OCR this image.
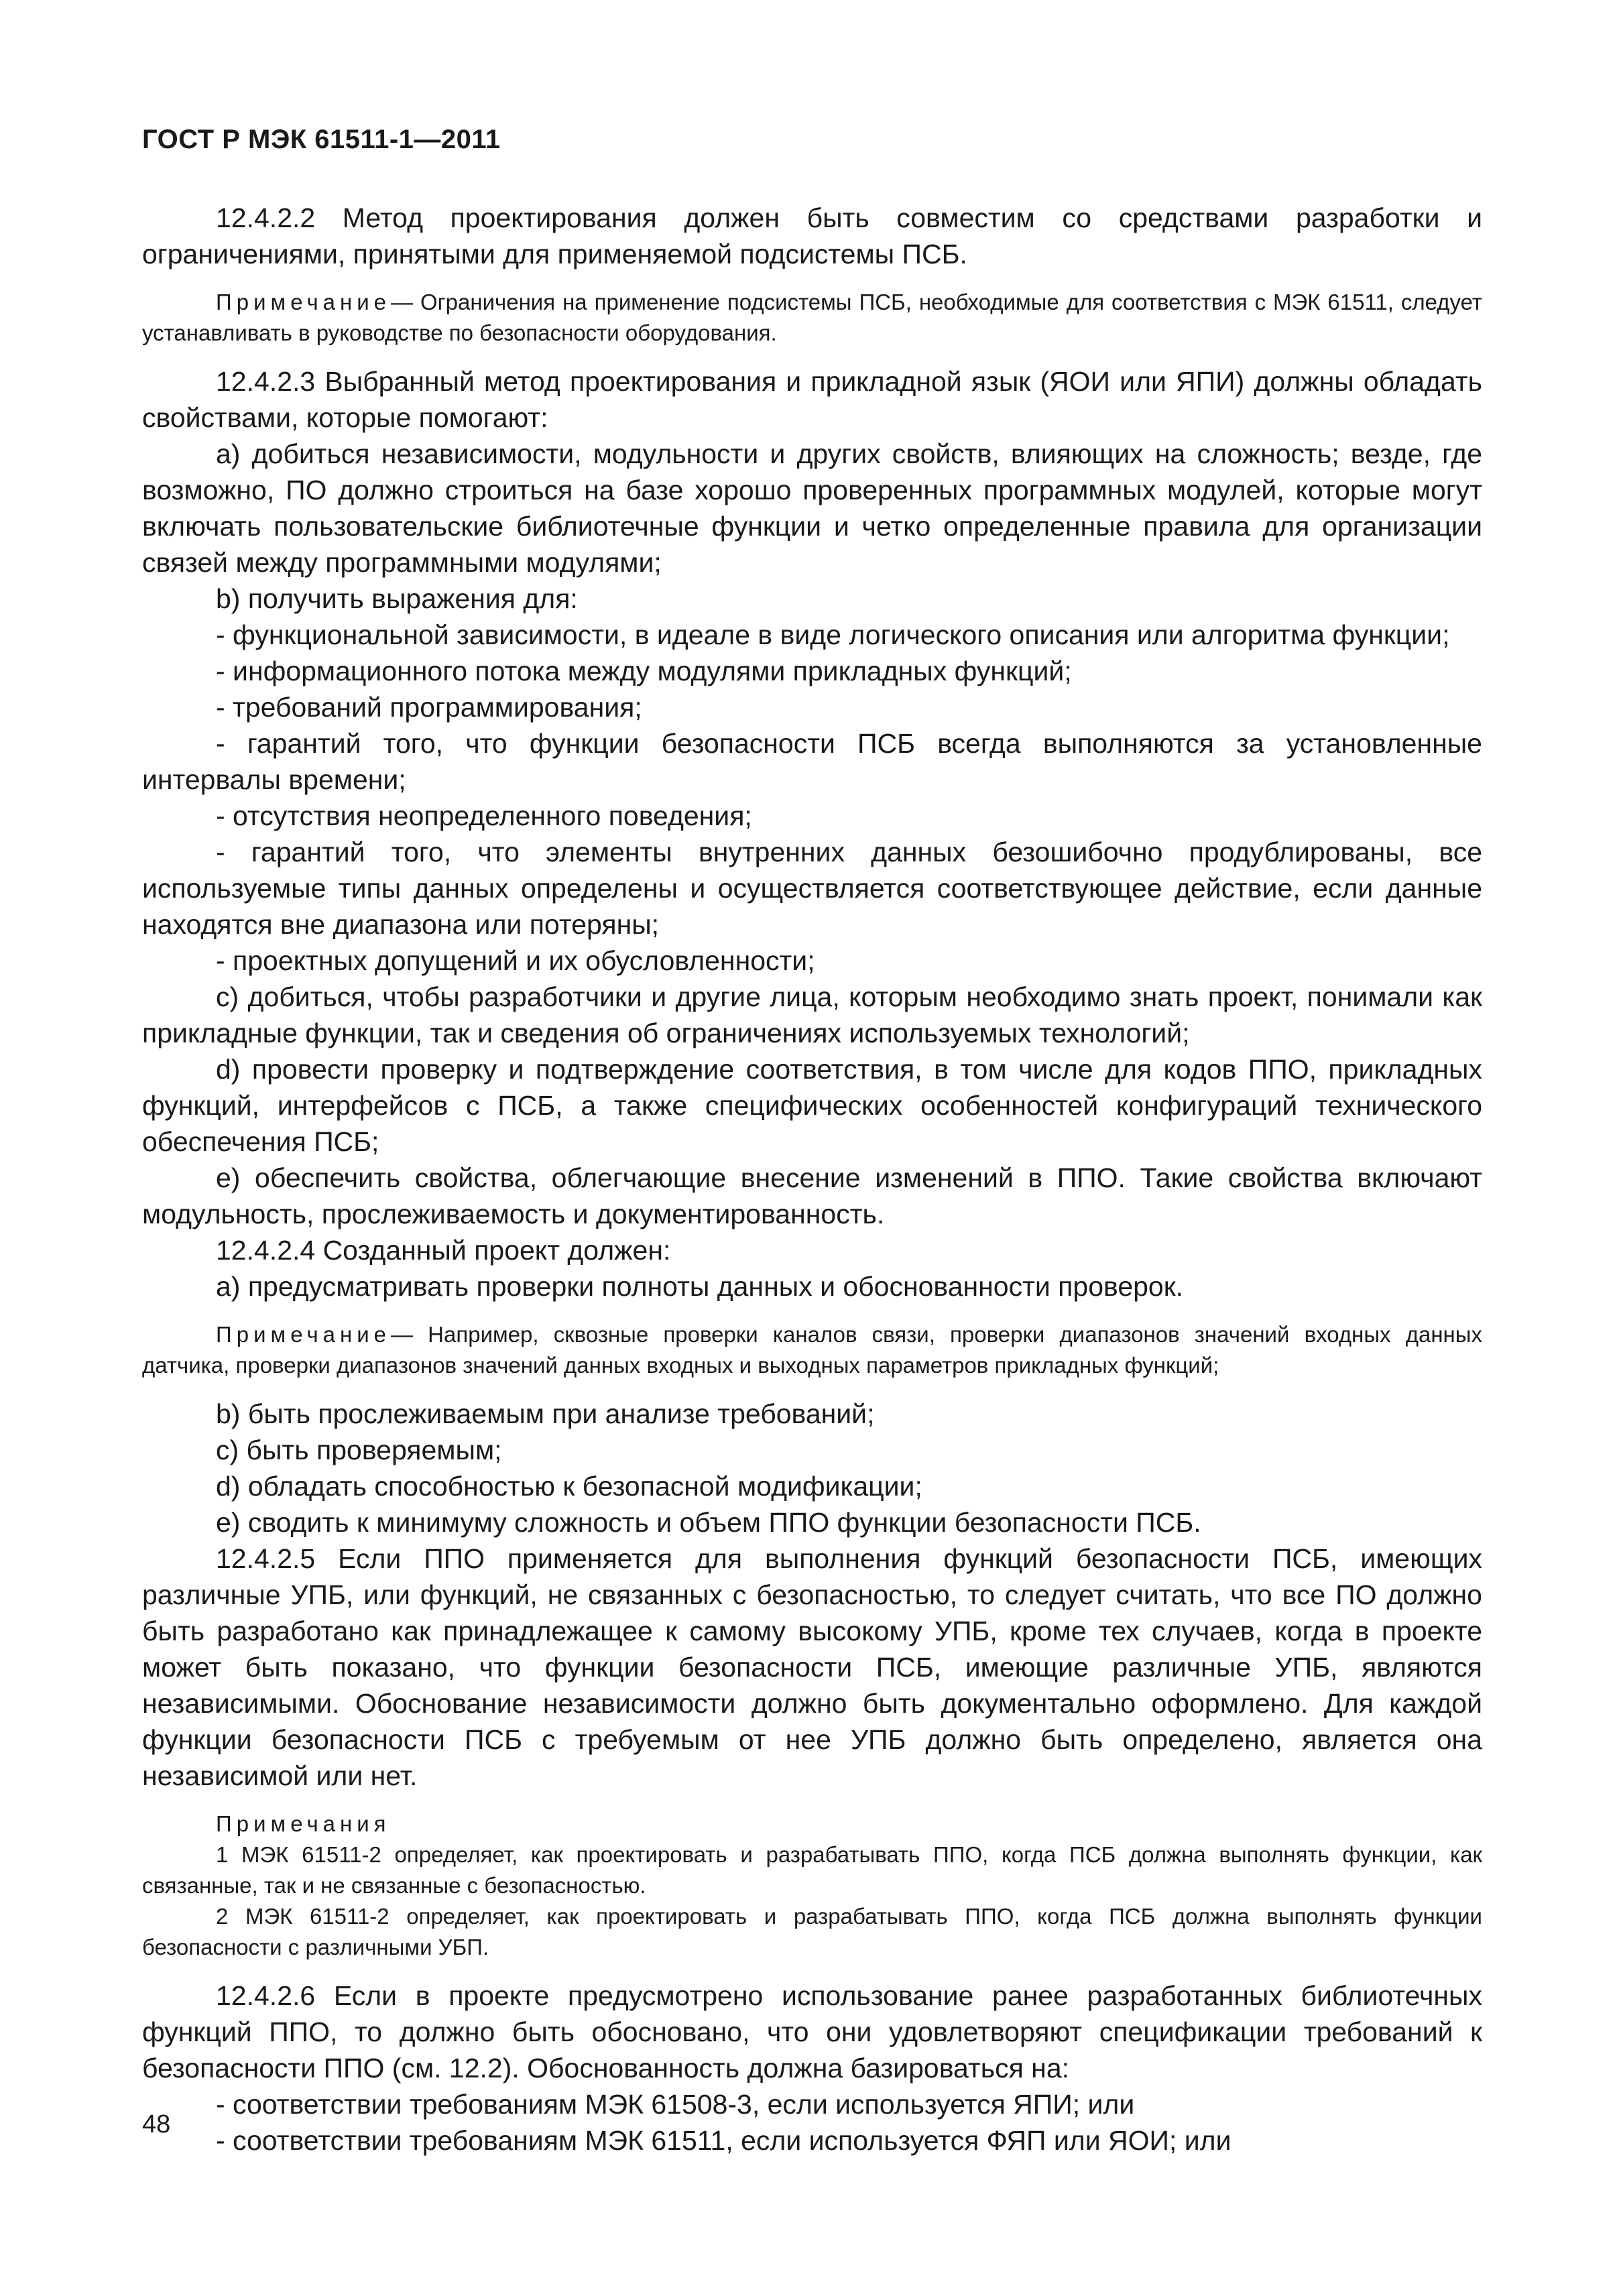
ГОСТ Р МЭК 61511-1—2011

12.4.2.2 Метод проектирования должен быть совместим со средствами разработки и ограничениями, принятыми для применяемой подсистемы ПСБ.

Примечание— Ограничения на применение подсистемы ПСБ, необходимые для соответствия с МЭК 61511, следует устанавливать в руководстве по безопасности оборудования.

12.4.2.3 Выбранный метод проектирования и прикладной язык (ЯОИ или ЯПИ) должны обладать свойствами, которые помогают:

a) добиться независимости, модульности и других свойств, влияющих на сложность; везде, где возможно, ПО должно строиться на базе хорошо проверенных программных модулей, которые могут включать пользовательские библиотечные функции и четко определенные правила для организации связей между программными модулями;

b) получить выражения для:

- функциональной зависимости, в идеале в виде логического описания или алгоритма функции;

- информационного потока между модулями прикладных функций;

- требований программирования;

- гарантий того, что функции безопасности ПСБ всегда выполняются за установленные интервалы времени;

- отсутствия неопределенного поведения;

- гарантий того, что элементы внутренних данных безошибочно продублированы, все используемые типы данных определены и осуществляется соответствующее действие, если данные находятся вне диапазона или потеряны;

- проектных допущений и их обусловленности;

c) добиться, чтобы разработчики и другие лица, которым необходимо знать проект, понимали как прикладные функции, так и сведения об ограничениях используемых технологий;

d) провести проверку и подтверждение соответствия, в том числе для кодов ППО, прикладных функций, интерфейсов с ПСБ, а также специфических особенностей конфигураций технического обеспечения ПСБ;

e) обеспечить свойства, облегчающие внесение изменений в ППО. Такие свойства включают модульность, прослеживаемость и документированность.

12.4.2.4 Созданный проект должен:

a) предусматривать проверки полноты данных и обоснованности проверок.

Примечание— Например, сквозные проверки каналов связи, проверки диапазонов значений входных данных датчика, проверки диапазонов значений данных входных и выходных параметров прикладных функций;

b) быть прослеживаемым при анализе требований;

c) быть проверяемым;

d) обладать способностью к безопасной модификации;

e) сводить к минимуму сложность и объем ППО функции безопасности ПСБ.

12.4.2.5 Если ППО применяется для выполнения функций безопасности ПСБ, имеющих различные УПБ, или функций, не связанных с безопасностью, то следует считать, что все ПО должно быть разработано как принадлежащее к самому высокому УПБ, кроме тех случаев, когда в проекте может быть показано, что функции безопасности ПСБ, имеющие различные УПБ, являются независимыми. Обоснование независимости должно быть документально оформлено. Для каждой функции безопасности ПСБ с требуемым от нее УПБ должно быть определено, является она независимой или нет.

Примечания

1 МЭК 61511-2 определяет, как проектировать и разрабатывать ППО, когда ПСБ должна выполнять функции, как связанные, так и не связанные с безопасностью.

2 МЭК 61511-2 определяет, как проектировать и разрабатывать ППО, когда ПСБ должна выполнять функции безопасности с различными УБП.

12.4.2.6 Если в проекте предусмотрено использование ранее разработанных библиотечных функций ППО, то должно быть обосновано, что они удовлетворяют спецификации требований к безопасности ППО (см. 12.2). Обоснованность должна базироваться на:

- соответствии требованиям МЭК 61508-3, если используется ЯПИ; или

- соответствии требованиям МЭК 61511, если используется ФЯП или ЯОИ; или

48
